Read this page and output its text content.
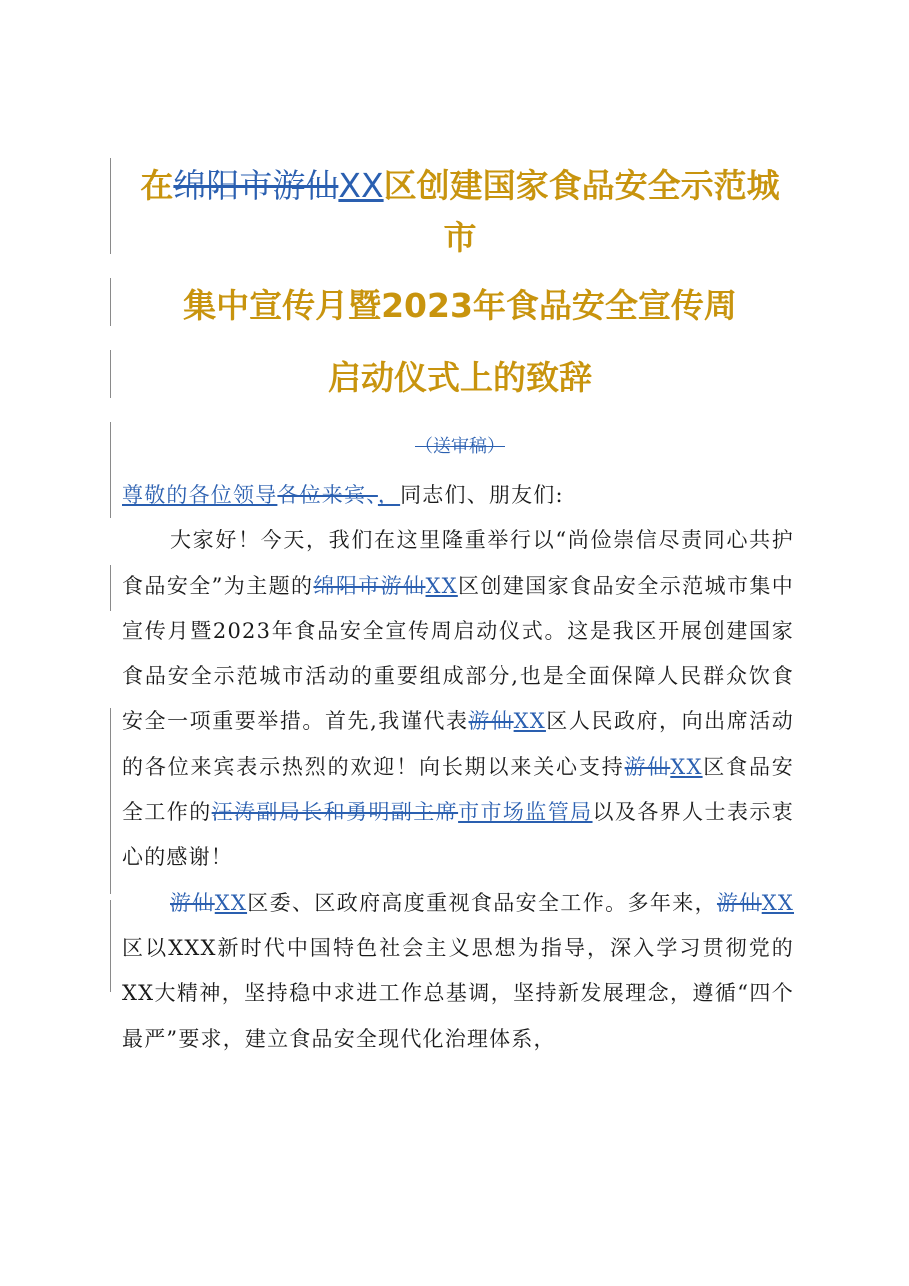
在绵阳市游仙XX区创建国家食品安全示范城
市
集中宣传月暨2023年食品安全宣传周
启动仪式上的致辞
（送审稿）

尊敬的各位领导各位来宾、，同志们、朋友们:

大家好！今天，我们在这里隆重举行以“尚俭崇信尽责同心共护食品安全”为主题的绵阳市游仙XX区创建国家食品安全示范城市集中宣传月暨2023年食品安全宣传周启动仪式。这是我区开展创建国家食品安全示范城市活动的重要组成部分,也是全面保障人民群众饮食安全一项重要举措。首先,我谨代表游仙XX区人民政府，向出席活动的各位来宾表示热烈的欢迎！向长期以来关心支持游仙XX区食品安全工作的汪涛副局长和勇明副主席市市场监管局以及各界人士表示衷心的感谢！

游仙XX区委、区政府高度重视食品安全工作。多年来，游仙XX区以XXX新时代中国特色社会主义思想为指导，深入学习贯彻党的XX大精神，坚持稳中求进工作总基调，坚持新发展理念，遵循“四个最严”要求，建立食品安全现代化治理体系，
